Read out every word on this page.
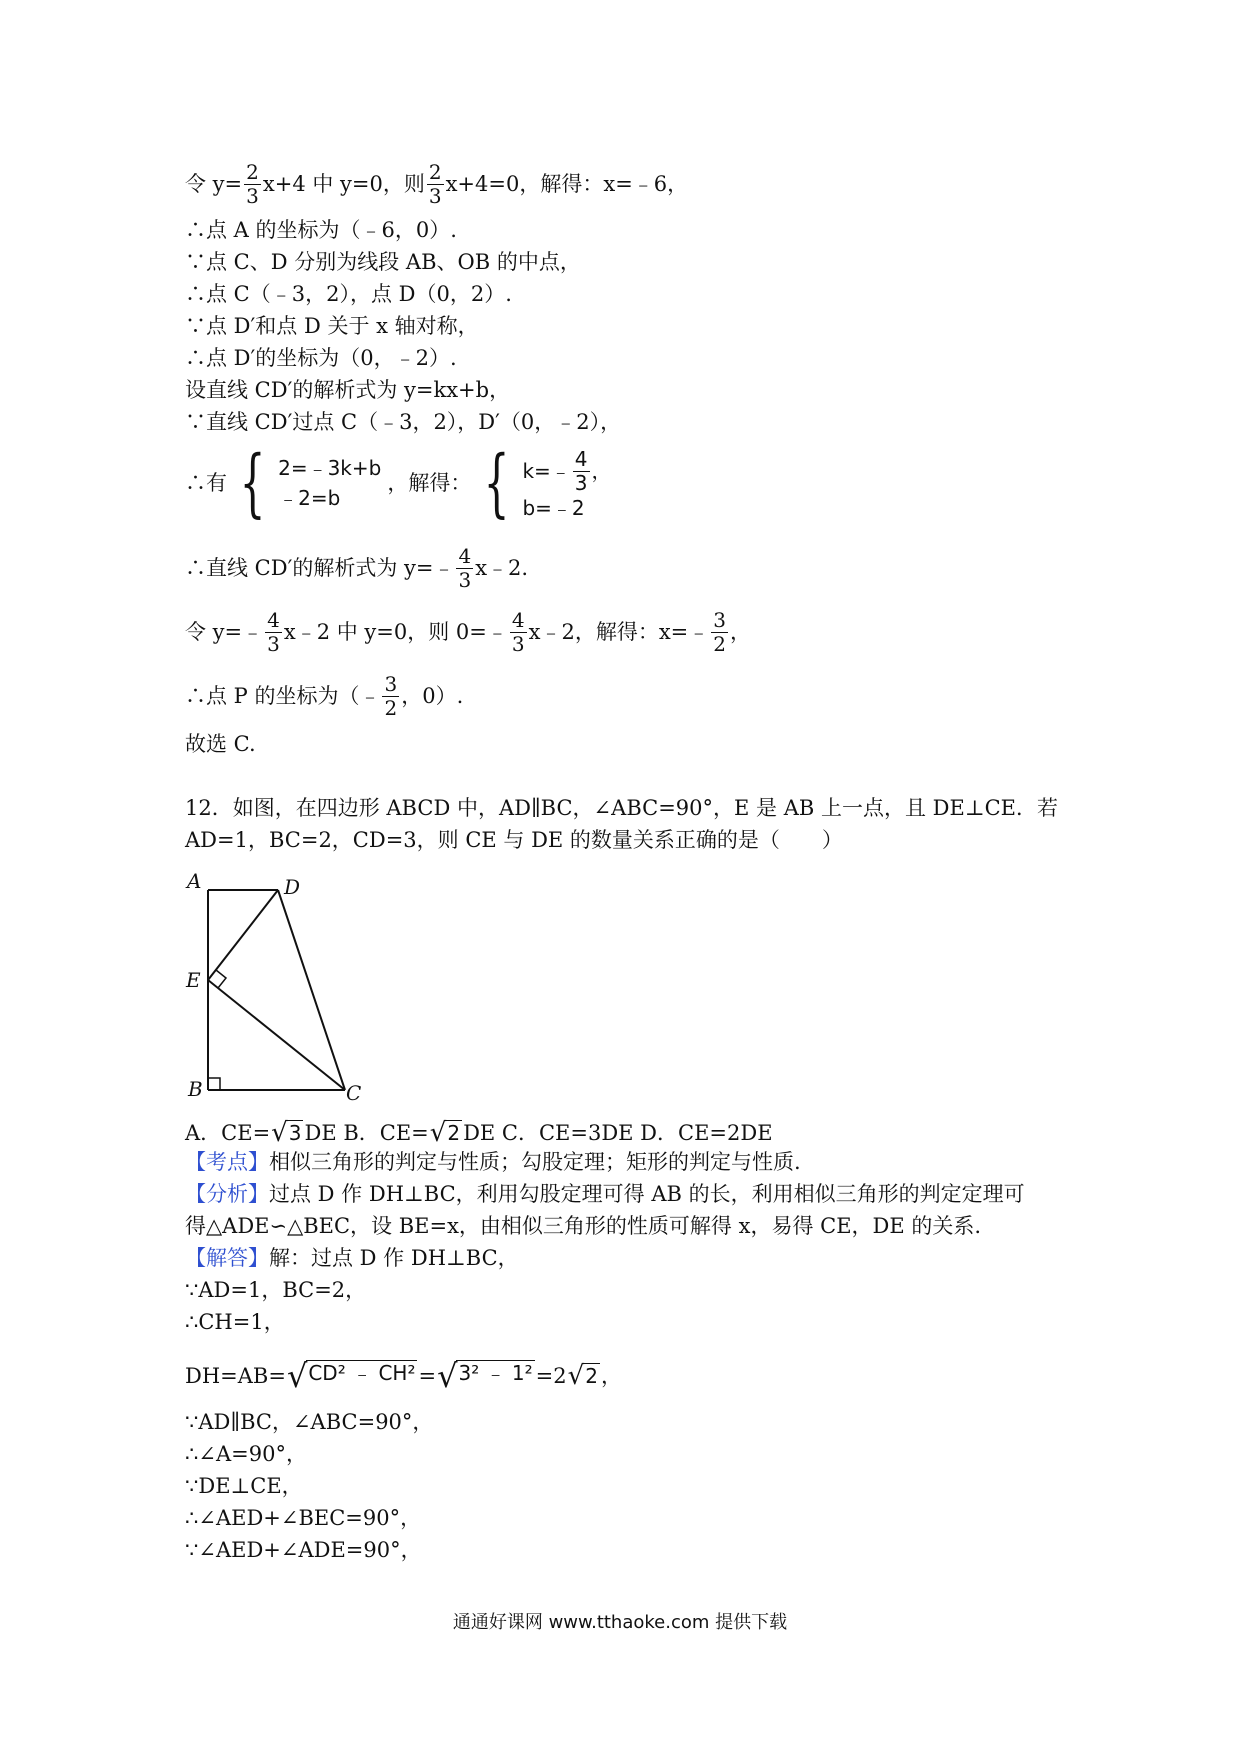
令 $y= \frac{2}{3} x+4$ 中 y=0，则 $\frac{2}{3} x+4=0$，解得：x=﹣6，
∴点 A 的坐标为（﹣6，0）.
∵点 C、D 分别为线段 AB、OB 的中点，
∴点 C（﹣3，2），点 D（0，2）.
∵点 D′和点 D 关于 x 轴对称，
∴点 D′的坐标为（0，﹣2）.
设直线 CD′的解析式为 y=kx+b，
∵直线 CD′过点 C（﹣3，2），D′（0，﹣2），
∴有 { 2=﹣3k+b
﹣2=b
，解得： { k=﹣ $\frac{4}{3}$ ，
b=﹣2
∴直线 CD′的解析式为 y=﹣ $\frac{4}{3}$ x﹣2.
令 y=﹣ $\frac{4}{3}$ x﹣2 中 y=0，则 0=﹣ $\frac{4}{3}$ x﹣2，解得：x=﹣ $\frac{3}{2}$ ，
∴点 P 的坐标为（﹣ $\frac{3}{2}$ ，0）.
故选 C.
12．如图，在四边形 ABCD 中，AD∥BC，∠ABC=90°，E 是 AB 上一点，且 DE⊥CE．若
AD=1，BC=2，CD=3，则 CE 与 DE 的数量关系正确的是（　　）
A	D
E
B	C
A．CE= √ 3 DE B．CE= √ 2 DE C．CE=3DE D．CE=2DE
【考点】 相似三角形的判定与性质；勾股定理；矩形的判定与性质.
【分析】 过点 D 作 DH⊥BC，利用勾股定理可得 AB 的长，利用相似三角形的判定定理可
得△ADE∽△BEC，设 BE=x，由相似三角形的性质可解得 x，易得 CE，DE 的关系.
【解答】 解：过点 D 作 DH⊥BC，
∵AD=1，BC=2，
∴CH=1，
DH=AB= √ CD² ﹣ CH² = √ 3² ﹣ 1² =2 √ 2 ，
∵AD∥BC，∠ABC=90°，
∴∠A=90°，
∵DE⊥CE，
∴∠AED+∠BEC=90°，
∵∠AED+∠ADE=90°，
通通好课网 www.tthaoke.com 提供下载
